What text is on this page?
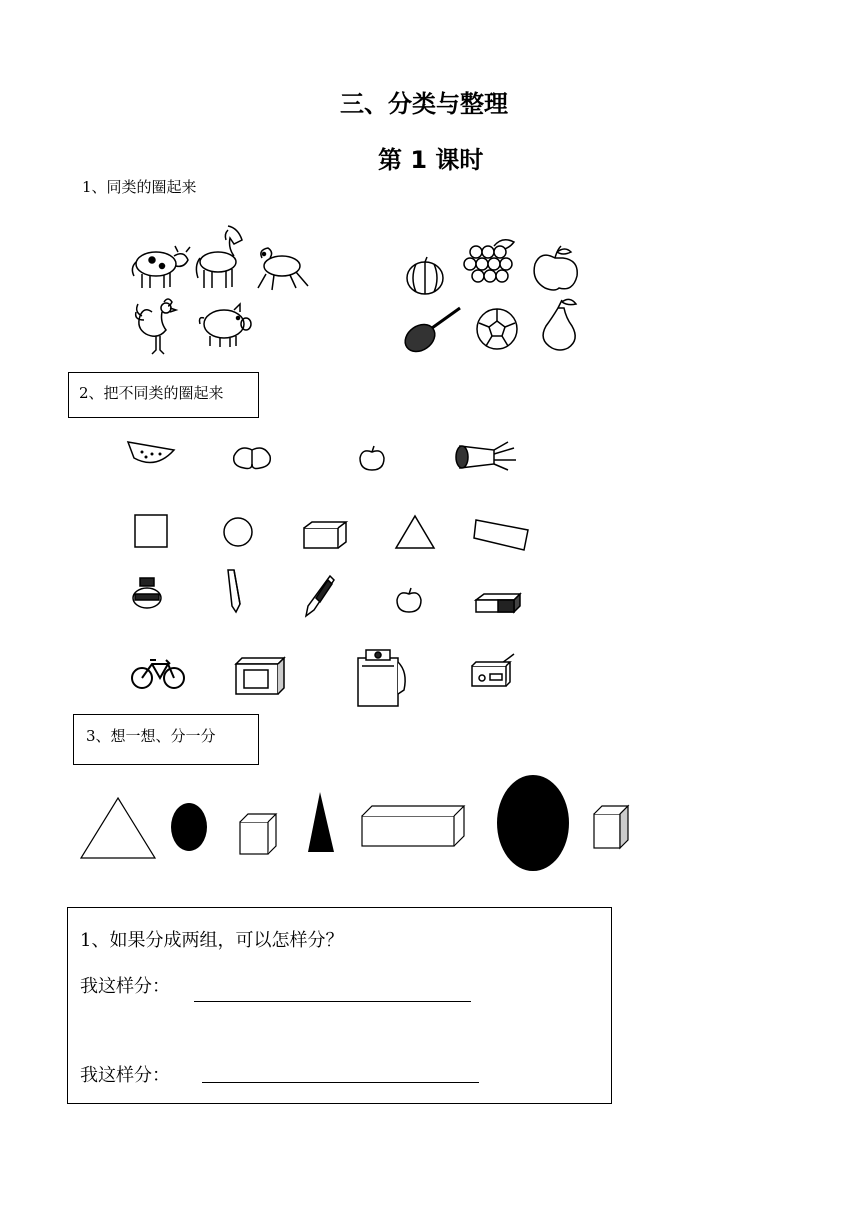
三、分类与整理
第 1 课时
1、同类的圈起来
2、把不同类的圈起来
3、想一想、分一分
1、如果分成两组，可以怎样分？
我这样分：
我这样分：
